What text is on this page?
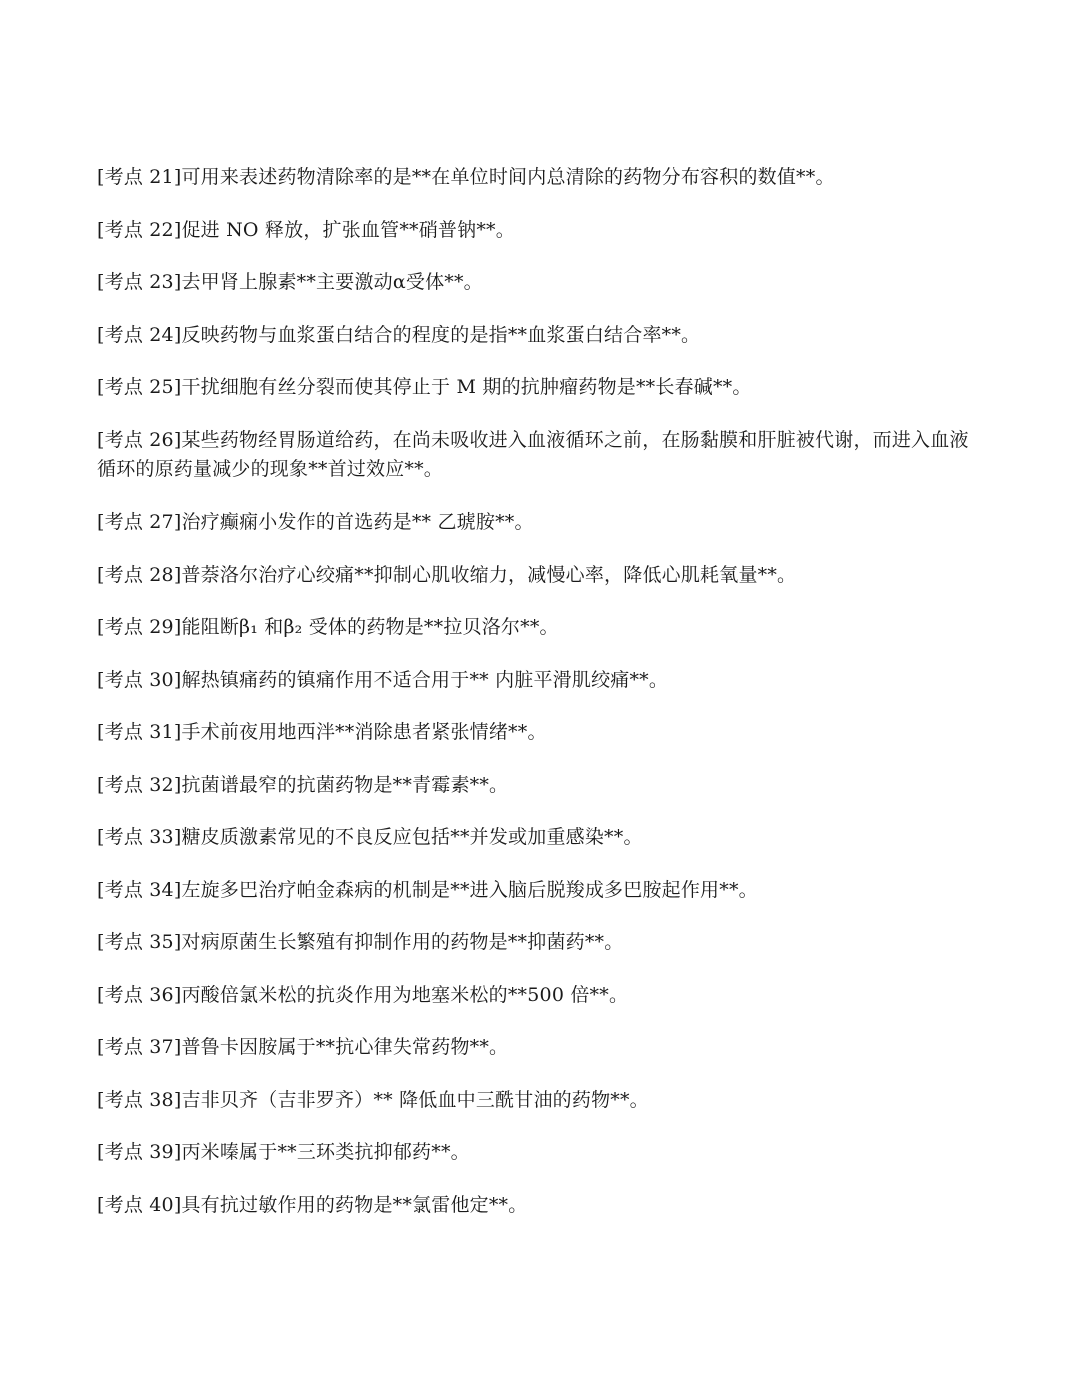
[考点 21]可用来表述药物清除率的是**在单位时间内总清除的药物分布容积的数值**。

[考点 22]促进 NO 释放，扩张血管**硝普钠**。

[考点 23]去甲肾上腺素**主要激动α受体**。

[考点 24]反映药物与血浆蛋白结合的程度的是指**血浆蛋白结合率**。

[考点 25]干扰细胞有丝分裂而使其停止于 M 期的抗肿瘤药物是**长春碱**。

[考点 26]某些药物经胃肠道给药，在尚未吸收进入血液循环之前，在肠黏膜和肝脏被代谢，而进入血液循环的原药量减少的现象**首过效应**。

[考点 27]治疗癫痫小发作的首选药是** 乙琥胺**。

[考点 28]普萘洛尔治疗心绞痛**抑制心肌收缩力，减慢心率，降低心肌耗氧量**。

[考点 29]能阻断β₁ 和β₂ 受体的药物是**拉贝洛尔**。

[考点 30]解热镇痛药的镇痛作用不适合用于** 内脏平滑肌绞痛**。

[考点 31]手术前夜用地西泮**消除患者紧张情绪**。

[考点 32]抗菌谱最窄的抗菌药物是**青霉素**。

[考点 33]糖皮质激素常见的不良反应包括**并发或加重感染**。

[考点 34]左旋多巴治疗帕金森病的机制是**进入脑后脱羧成多巴胺起作用**。

[考点 35]对病原菌生长繁殖有抑制作用的药物是**抑菌药**。

[考点 36]丙酸倍氯米松的抗炎作用为地塞米松的**500 倍**。

[考点 37]普鲁卡因胺属于**抗心律失常药物**。

[考点 38]吉非贝齐（吉非罗齐）** 降低血中三酰甘油的药物**。

[考点 39]丙米嗪属于**三环类抗抑郁药**。

[考点 40]具有抗过敏作用的药物是**氯雷他定**。
